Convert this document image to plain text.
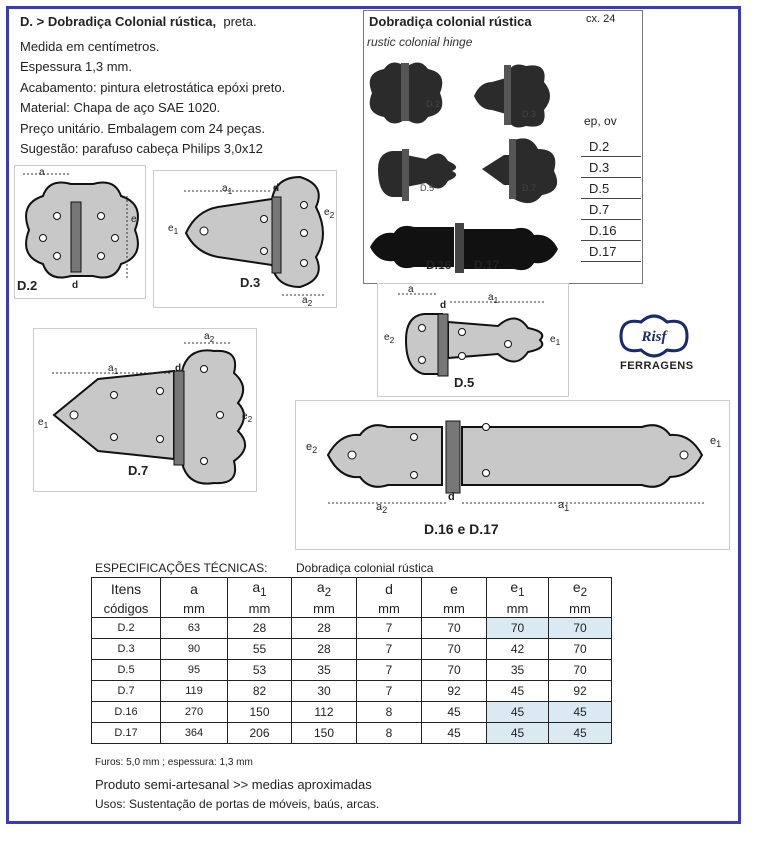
D. > Dobradiça Colonial rústica, preta.
Medida em centímetros.
Espessura 1,3 mm.
Acabamento: pintura eletrostática epóxi preto.
Material: Chapa de aço SAE 1020.
Preço unitário. Embalagem com 24 peças.
Sugestão: parafuso cabeça Philips 3,0x12
Dobradiça colonial rústica
rustic colonial hinge
cx. 24
D.2
D.3
D.5	D.7
D.16 D.17
ep, ov
D.2
D.3
D.5
D.7
D.16
D.17
a
e
d
D.2
$a_1$	d
$e_1$
$e_2$
$a_2$
D.3	a
$a_1$
d
$e_2$	$e_1$
D.5
Risf
FERRAGENS
$a_1$	d
$a_2$
$e_1$
$e_2$
D.7
$e_2$
$e_1$
d
$a_2$	$a_1$
D.16 e D.17
ESPECIFICAÇÕES TÉCNICAS: Dobradiça colonial rústica
Itens	a	$a_1$	$a_2$	d	e	$e_1$	$e_2$
códigos	mm	mm	mm	mm	mm	mm	mm
D.2	63	28	28	7	70	70	70
D.3	90	55	28	7	70	42	70
D.5	95	53	35	7	70	35	70
D.7	119	82	30	7	92	45	92
D.16	270	150	112	8	45	45	45
D.17	364	206	150	8	45	45	45
Furos: 5,0 mm ; espessura: 1,3 mm
Produto semi-artesanal >> medias aproximadas
Usos: Sustentação de portas de móveis, baús, arcas.
